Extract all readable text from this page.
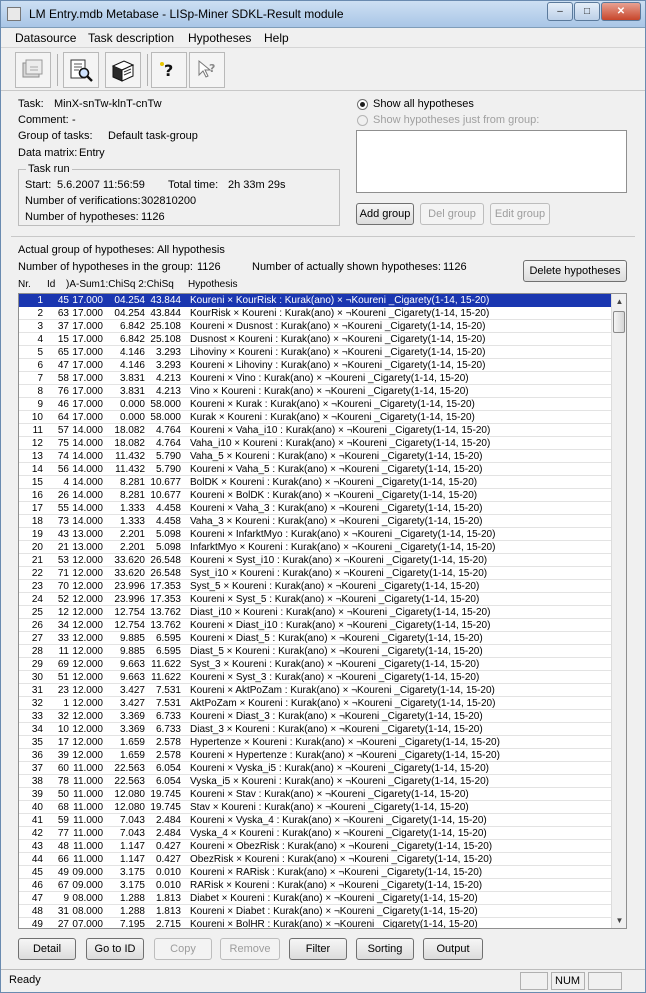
LM Entry.mdb Metabase - LISp-Miner SDKL-Result module	–	□	✕
Datasource Task description Hypotheses Help
?	?
Task: MinX-snTw-klnT-cnTw
Comment: -
Group of tasks: Default task-group
Data matrix: Entry
Task run
Start: 5.6.2007 11:56:59 Total time: 2h 33m 29s
Number of verifications: 302810200
Number of hypotheses: 1126
Show all hypotheses
Show hypotheses just from group:
Add group	Del group	Edit group
Actual group of hypotheses: All hypothesis
Number of hypotheses in the group: 1126	Number of actually shown hypotheses: 1126	Delete hypotheses
Nr. Id )A-Sum1:ChiSq 2:ChiSq Hypothesis
1	45 17.000	04.254 43.844 Koureni × KourRisk : Kurak(ano) × ¬Koureni _Cigarety(1-14, 15-20)
2	63 17.000	04.254 43.844 KourRisk × Koureni : Kurak(ano) × ¬Koureni _Cigarety(1-14, 15-20)
3	37 17.000	6.842 25.108 Koureni × Dusnost : Kurak(ano) × ¬Koureni _Cigarety(1-14, 15-20)
4	15 17.000	6.842 25.108 Dusnost × Koureni : Kurak(ano) × ¬Koureni _Cigarety(1-14, 15-20)
5	65 17.000	4.146	3.293 Lihoviny × Koureni : Kurak(ano) × ¬Koureni _Cigarety(1-14, 15-20)
6	47 17.000	4.146	3.293 Koureni × Lihoviny : Kurak(ano) × ¬Koureni _Cigarety(1-14, 15-20)
7	58 17.000	3.831	4.213 Koureni × Vino : Kurak(ano) × ¬Koureni _Cigarety(1-14, 15-20)
8	76 17.000	3.831	4.213 Vino × Koureni : Kurak(ano) × ¬Koureni _Cigarety(1-14, 15-20)
9	46 17.000	0.000 58.000 Koureni × Kurak : Kurak(ano) × ¬Koureni _Cigarety(1-14, 15-20)
10	64 17.000	0.000 58.000 Kurak × Koureni : Kurak(ano) × ¬Koureni _Cigarety(1-14, 15-20)
11	57 14.000	18.082	4.764 Koureni × Vaha_i10 : Kurak(ano) × ¬Koureni _Cigarety(1-14, 15-20)
12	75 14.000	18.082	4.764 Vaha_i10 × Koureni : Kurak(ano) × ¬Koureni _Cigarety(1-14, 15-20)
13	74 14.000	11.432	5.790 Vaha_5 × Koureni : Kurak(ano) × ¬Koureni _Cigarety(1-14, 15-20)
14	56 14.000	11.432	5.790 Koureni × Vaha_5 : Kurak(ano) × ¬Koureni _Cigarety(1-14, 15-20)
15	4 14.000	8.281 10.677 BolDK × Koureni : Kurak(ano) × ¬Koureni _Cigarety(1-14, 15-20)
16	26 14.000	8.281 10.677 Koureni × BolDK : Kurak(ano) × ¬Koureni _Cigarety(1-14, 15-20)
17	55 14.000	1.333	4.458 Koureni × Vaha_3 : Kurak(ano) × ¬Koureni _Cigarety(1-14, 15-20)
18	73 14.000	1.333	4.458 Vaha_3 × Koureni : Kurak(ano) × ¬Koureni _Cigarety(1-14, 15-20)
19	43 13.000	2.201	5.098 Koureni × InfarktMyo : Kurak(ano) × ¬Koureni _Cigarety(1-14, 15-20)
20	21 13.000	2.201	5.098 InfarktMyo × Koureni : Kurak(ano) × ¬Koureni _Cigarety(1-14, 15-20)
21	53 12.000	33.620 26.548 Koureni × Syst_i10 : Kurak(ano) × ¬Koureni _Cigarety(1-14, 15-20)
22	71 12.000	33.620 26.548 Syst_i10 × Koureni : Kurak(ano) × ¬Koureni _Cigarety(1-14, 15-20)
23	70 12.000	23.996 17.353 Syst_5 × Koureni : Kurak(ano) × ¬Koureni _Cigarety(1-14, 15-20)
24	52 12.000	23.996 17.353 Koureni × Syst_5 : Kurak(ano) × ¬Koureni _Cigarety(1-14, 15-20)
25	12 12.000	12.754 13.762 Diast_i10 × Koureni : Kurak(ano) × ¬Koureni _Cigarety(1-14, 15-20)
26	34 12.000	12.754 13.762 Koureni × Diast_i10 : Kurak(ano) × ¬Koureni _Cigarety(1-14, 15-20)
27	33 12.000	9.885	6.595 Koureni × Diast_5 : Kurak(ano) × ¬Koureni _Cigarety(1-14, 15-20)
28	11 12.000	9.885	6.595 Diast_5 × Koureni : Kurak(ano) × ¬Koureni _Cigarety(1-14, 15-20)
29	69 12.000	9.663 11.622 Syst_3 × Koureni : Kurak(ano) × ¬Koureni _Cigarety(1-14, 15-20)
30	51 12.000	9.663 11.622 Koureni × Syst_3 : Kurak(ano) × ¬Koureni _Cigarety(1-14, 15-20)
31	23 12.000	3.427	7.531 Koureni × AktPoZam : Kurak(ano) × ¬Koureni _Cigarety(1-14, 15-20)
32	1 12.000	3.427	7.531 AktPoZam × Koureni : Kurak(ano) × ¬Koureni _Cigarety(1-14, 15-20)
33	32 12.000	3.369	6.733 Koureni × Diast_3 : Kurak(ano) × ¬Koureni _Cigarety(1-14, 15-20)
34	10 12.000	3.369	6.733 Diast_3 × Koureni : Kurak(ano) × ¬Koureni _Cigarety(1-14, 15-20)
35	17 12.000	1.659	2.578 Hypertenze × Koureni : Kurak(ano) × ¬Koureni _Cigarety(1-14, 15-20)
36	39 12.000	1.659	2.578 Koureni × Hypertenze : Kurak(ano) × ¬Koureni _Cigarety(1-14, 15-20)
37	60 11.000	22.563	6.054 Koureni × Vyska_i5 : Kurak(ano) × ¬Koureni _Cigarety(1-14, 15-20)
38	78 11.000	22.563	6.054 Vyska_i5 × Koureni : Kurak(ano) × ¬Koureni _Cigarety(1-14, 15-20)
39	50 11.000	12.080 19.745 Koureni × Stav : Kurak(ano) × ¬Koureni _Cigarety(1-14, 15-20)
40	68 11.000	12.080 19.745 Stav × Koureni : Kurak(ano) × ¬Koureni _Cigarety(1-14, 15-20)
41	59 11.000	7.043	2.484 Koureni × Vyska_4 : Kurak(ano) × ¬Koureni _Cigarety(1-14, 15-20)
42	77 11.000	7.043	2.484 Vyska_4 × Koureni : Kurak(ano) × ¬Koureni _Cigarety(1-14, 15-20)
43	48 11.000	1.147	0.427 Koureni × ObezRisk : Kurak(ano) × ¬Koureni _Cigarety(1-14, 15-20)
44	66 11.000	1.147	0.427 ObezRisk × Koureni : Kurak(ano) × ¬Koureni _Cigarety(1-14, 15-20)
45	49 09.000	3.175	0.010 Koureni × RARisk : Kurak(ano) × ¬Koureni _Cigarety(1-14, 15-20)
46	67 09.000	3.175	0.010 RARisk × Koureni : Kurak(ano) × ¬Koureni _Cigarety(1-14, 15-20)
47	9 08.000	1.288	1.813 Diabet × Koureni : Kurak(ano) × ¬Koureni _Cigarety(1-14, 15-20)
48	31 08.000	1.288	1.813 Koureni × Diabet : Kurak(ano) × ¬Koureni _Cigarety(1-14, 15-20)
49	27 07.000	7.195	2.715 Koureni × BolHR : Kurak(ano) × ¬Koureni _Cigarety(1-14, 15-20)
▲
▼
Detail	Go to ID	Copy	Remove	Filter	Sorting	Output
Ready	NUM
